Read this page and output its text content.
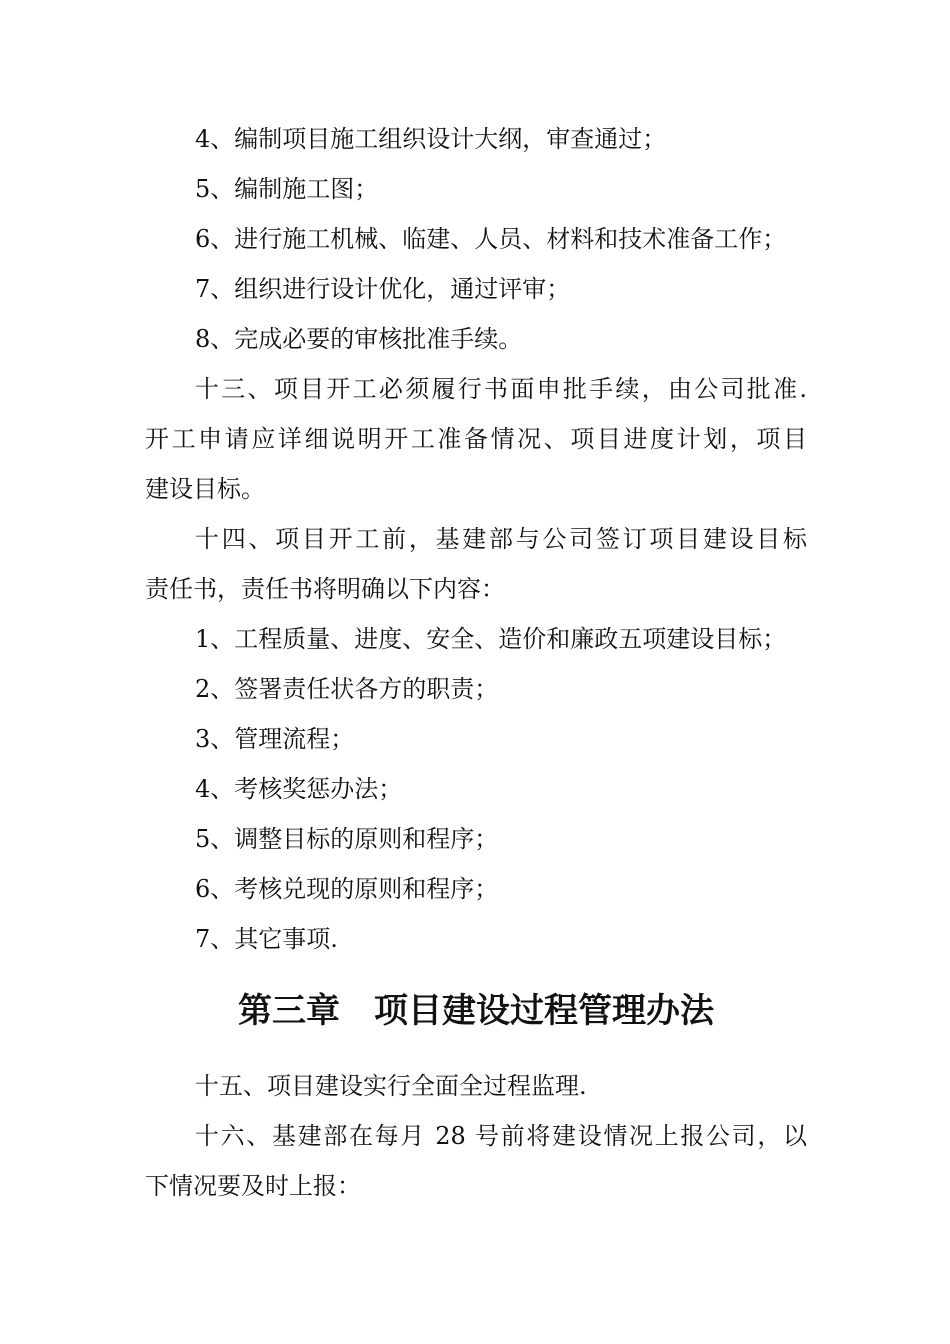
4、编制项目施工组织设计大纲，审查通过；
5、编制施工图；
6、进行施工机械、临建、人员、材料和技术准备工作；
7、组织进行设计优化，通过评审；
8、完成必要的审核批准手续。
十三、项目开工必须履行书面申批手续，由公司批准.
开工申请应详细说明开工准备情况、项目进度计划，项目
建设目标。
十四、项目开工前，基建部与公司签订项目建设目标
责任书，责任书将明确以下内容：
1、工程质量、进度、安全、造价和廉政五项建设目标；
2、签署责任状各方的职责；
3、管理流程；
4、考核奖惩办法；
5、调整目标的原则和程序；
6、考核兑现的原则和程序；
7、其它事项.
第三章　项目建设过程管理办法
十五、项目建设实行全面全过程监理.
十六、基建部在每月 28 号前将建设情况上报公司，以
下情况要及时上报：
